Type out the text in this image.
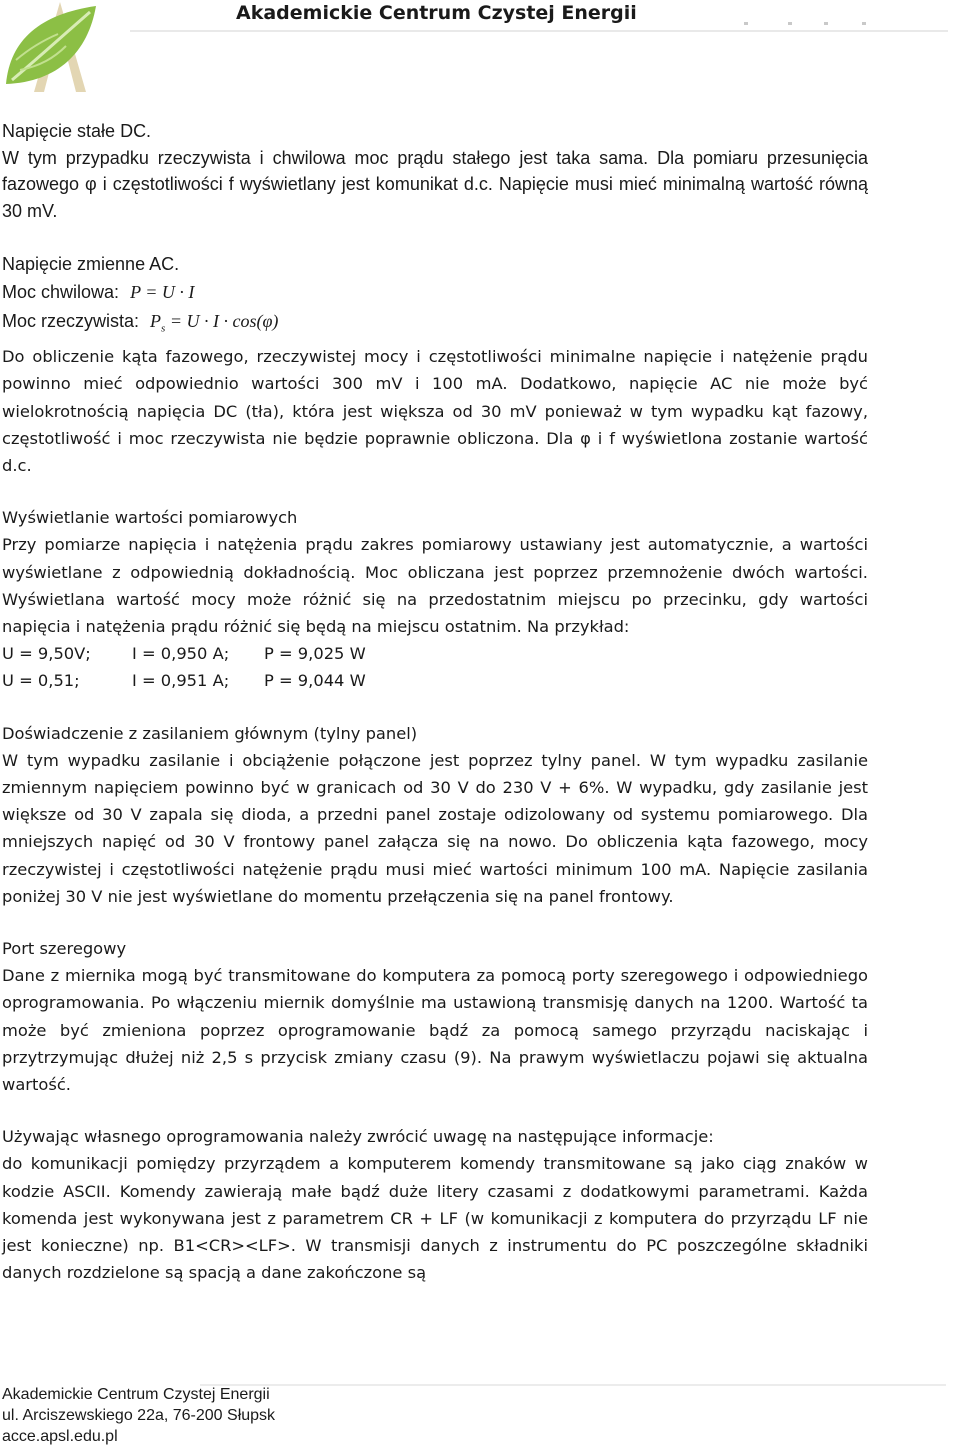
Akademickie Centrum Czystej Energii

Napięcie stałe DC.

W tym przypadku rzeczywista i chwilowa moc prądu stałego jest taka sama. Dla pomiaru przesunięcia fazowego φ i częstotliwości f wyświetlany jest komunikat d.c. Napięcie musi mieć minimalną wartość równą 30 mV.

Napięcie zmienne AC.

Moc chwilowa: P = U · I
Moc rzeczywista: $P_s = U \cdot I \cdot \cos(\varphi)$

Do obliczenie kąta fazowego, rzeczywistej mocy i częstotliwości minimalne napięcie i natężenie prądu powinno mieć odpowiednio wartości 300 mV i 100 mA. Dodatkowo, napięcie AC nie może być wielokrotnością napięcia DC (tła), która jest większa od 30 mV ponieważ w tym wypadku kąt fazowy, częstotliwość i moc rzeczywista nie będzie poprawnie obliczona. Dla φ i f wyświetlona zostanie wartość d.c.

Wyświetlanie wartości pomiarowych

Przy pomiarze napięcia i natężenia prądu zakres pomiarowy ustawiany jest automatycznie, a wartości wyświetlane z odpowiednią dokładnością. Moc obliczana jest poprzez przemnożenie dwóch wartości. Wyświetlana wartość mocy może różnić się na przedostatnim miejscu po przecinku, gdy wartości napięcia i natężenia prądu różnić się będą na miejscu ostatnim. Na przykład:

U = 9,50V;	I = 0,950 A; P = 9,025 W
U = 0,51;	I = 0,951 A; P = 9,044 W

Doświadczenie z zasilaniem głównym (tylny panel)

W tym wypadku zasilanie i obciążenie połączone jest poprzez tylny panel. W tym wypadku zasilanie zmiennym napięciem powinno być w granicach od 30 V do 230 V + 6%. W wypadku, gdy zasilanie jest większe od 30 V zapala się dioda, a przedni panel zostaje odizolowany od systemu pomiarowego. Dla mniejszych napięć od 30 V frontowy panel załącza się na nowo. Do obliczenia kąta fazowego, mocy rzeczywistej i częstotliwości natężenie prądu musi mieć wartości minimum 100 mA. Napięcie zasilania poniżej 30 V nie jest wyświetlane do momentu przełączenia się na panel frontowy.

Port szeregowy

Dane z miernika mogą być transmitowane do komputera za pomocą porty szeregowego i odpowiedniego oprogramowania. Po włączeniu miernik domyślnie ma ustawioną transmisję danych na 1200. Wartość ta może być zmieniona poprzez oprogramowanie bądź za pomocą samego przyrządu naciskając i przytrzymując dłużej niż 2,5 s przycisk zmiany czasu (9). Na prawym wyświetlaczu pojawi się aktualna wartość.

Używając własnego oprogramowania należy zwrócić uwagę na następujące informacje:

do komunikacji pomiędzy przyrządem a komputerem komendy transmitowane są jako ciąg znaków w kodzie ASCII. Komendy zawierają małe bądź duże litery czasami z dodatkowymi parametrami. Każda komenda jest wykonywana jest z parametrem CR + LF (w komunikacji z komputera do przyrządu LF nie jest konieczne) np. B1<CR><LF>. W transmisji danych z instrumentu do PC poszczególne składniki danych rozdzielone są spacją a dane zakończone są

Akademickie Centrum Czystej Energii
ul. Arciszewskiego 22a, 76-200 Słupsk
acce.apsl.edu.pl
